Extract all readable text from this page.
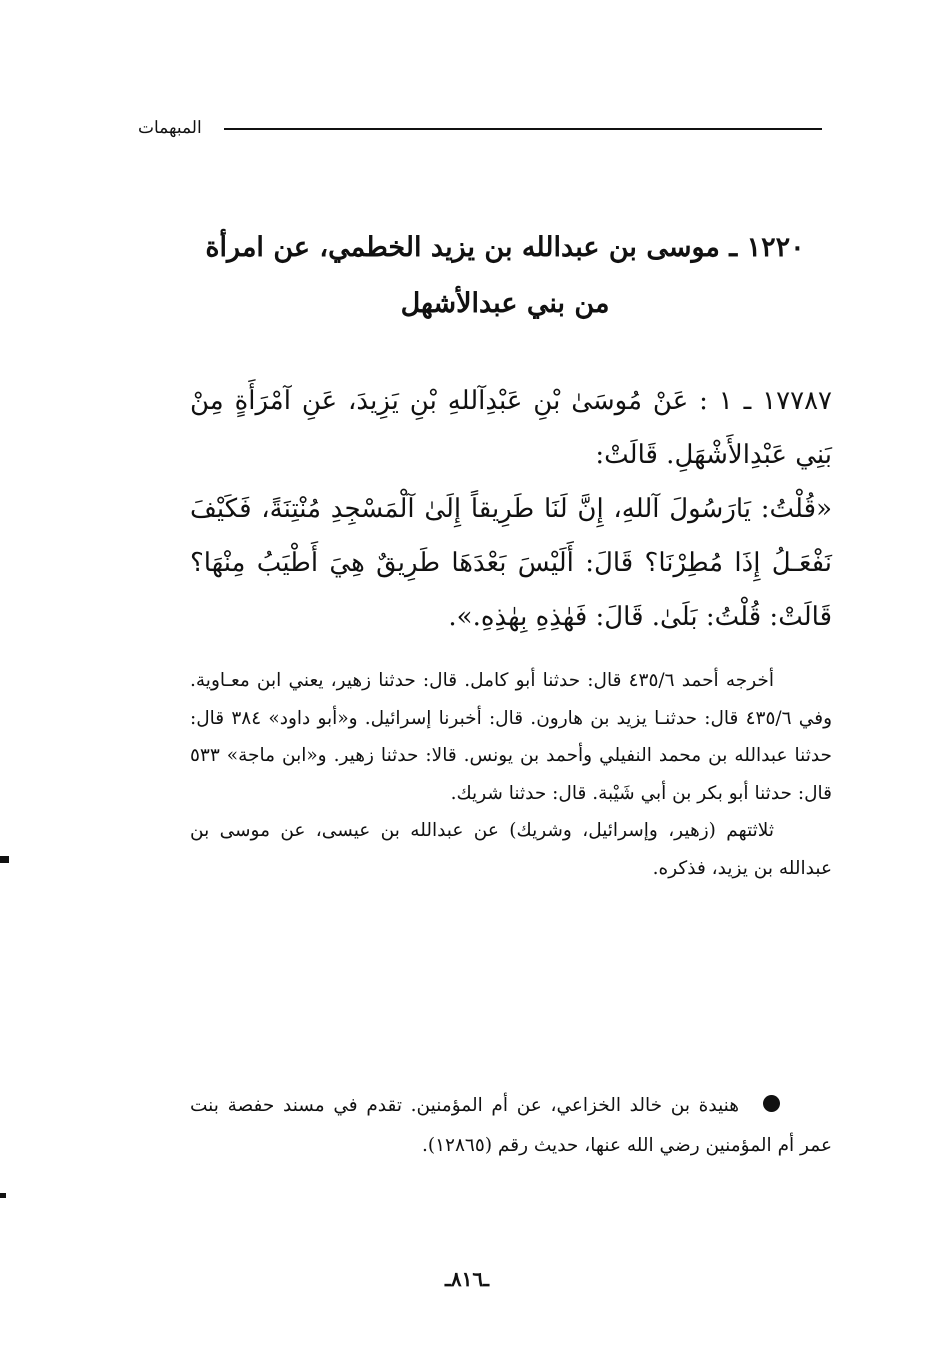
المبهمات
١٢٢٠ ـ موسى بن عبدالله بن يزيد الخطمي، عن امرأة من بني عبدالأشهل

١٧٧٨٧ ـ ١ : عَنْ مُوسَىٰ بْنِ عَبْدِآللهِ بْنِ يَزِيدَ، عَنِ آمْرَأَةٍ مِنْ بَنِي عَبْدِالأَشْهَلِ. قَالَتْ:

«قُلْتُ: يَارَسُولَ آللهِ، إِنَّ لَنَا طَرِيقاً إِلَىٰ آلْمَسْجِدِ مُنْتِنَةً، فَكَيْفَ نَفْعَـلُ إِذَا مُطِرْنَا؟ قَالَ: أَلَيْسَ بَعْدَهَا طَرِيقٌ هِيَ أَطْيَبُ مِنْهَا؟ قَالَتْ: قُلْتُ: بَلَىٰ. قَالَ: فَهٰذِهِ بِهٰذِهِ.».

أخرجه أحمد ٤٣٥/٦ قال: حدثنا أبو كامل. قال: حدثنا زهير، يعني ابن معـاوية. وفي ٤٣٥/٦ قال: حدثنـا يزيد بن هارون. قال: أخبرنا إسرائيل. و«أبو داود» ٣٨٤ قال: حدثنا عبدالله بن محمد النفيلي وأحمد بن يونس. قالا: حدثنا زهير. و«ابن ماجة» ٥٣٣ قال: حدثنا أبو بكر بن أبي شَيْبة. قال: حدثنا شريك.

ثلاثتهم (زهير، وإسرائيل، وشريك) عن عبدالله بن عيسى، عن موسى بن عبدالله بن يزيد، فذكره.

هنيدة بن خالد الخزاعي، عن أم المؤمنين. تقدم في مسند حفصة بنت عمر أم المؤمنين رضي الله عنها، حديث رقم (١٢٨٦٥).
ـ٨١٦ـ
